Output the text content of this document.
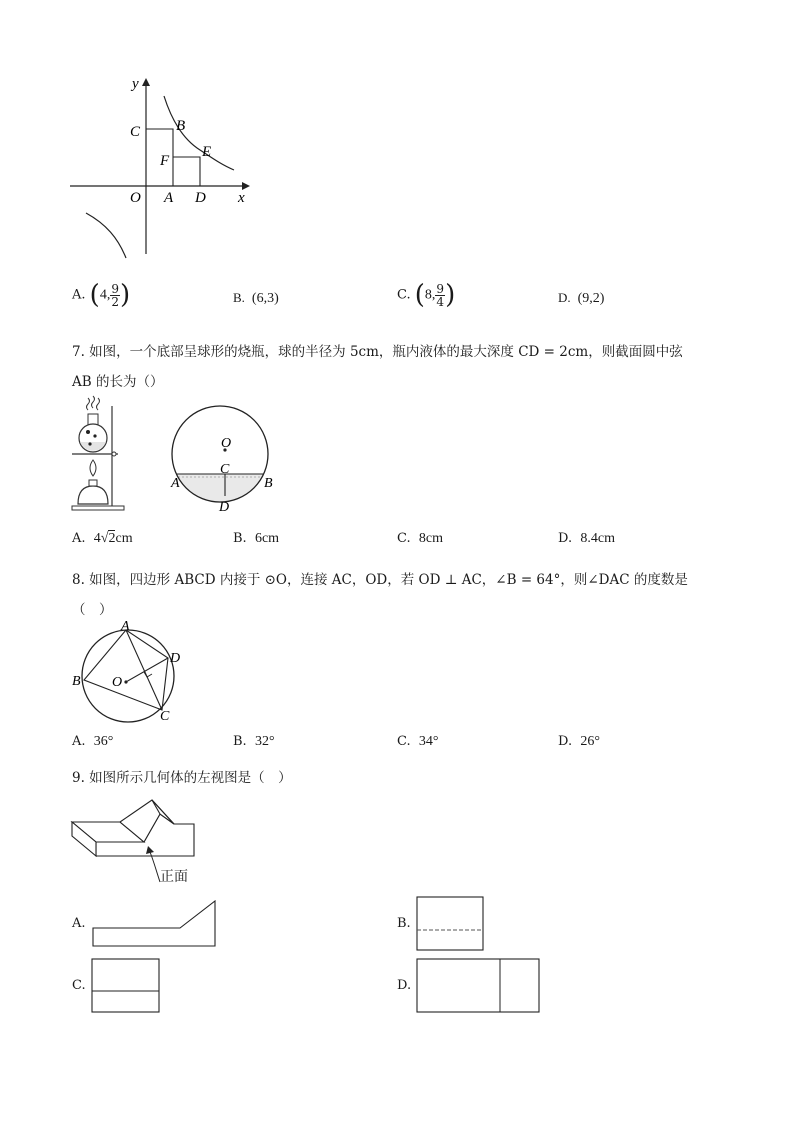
y
x
C B
F
E
O A D
A. (4, $\frac{9}{2}$ )	B. (6,3)	C. (8, $\frac{9}{4}$ )	D. (9,2)
7. 如图，一个底部呈球形的烧瓶，球的半径为 5cm，瓶内液体的最大深度 CD = 2cm，则截面圆中弦
AB 的长为（）
O
C
A	B
D
A. 4√2cm	B. 6cm	C. 8cm	D. 8.4cm
8. 如图，四边形 ABCD 内接于 ⊙O，连接 AC，OD，若 OD ⊥ AC，∠B = 64°，则∠DAC 的度数是
（　）
A
D
B O
C
A. 36°	B. 32°	C. 34°	D. 26°
9. 如图所示几何体的左视图是（　）
正面
A.	B.
C.	D.
